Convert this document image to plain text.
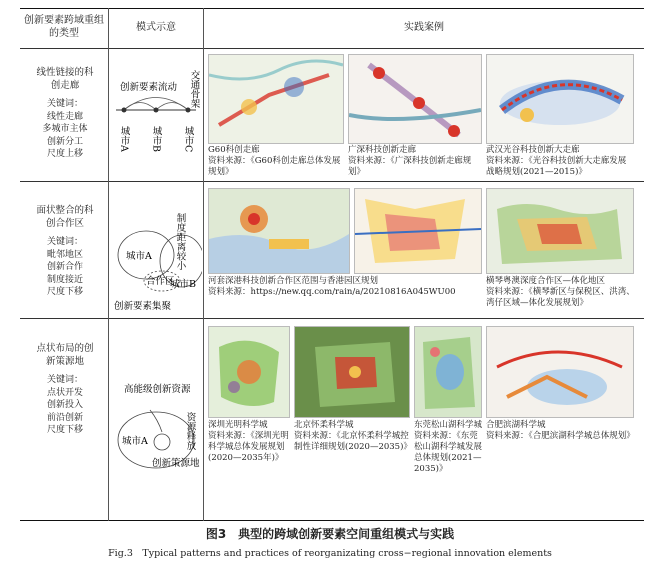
创新要素跨域重组的类型
模式示意	实践案例
线性链接的科创走廊
关键词：
线性走廊
多城市主体
创新分工
尺度上移
创新要素流动 交通骨架
城市A 城市B 城市C G60科创走廊
资料来源：《G60科创走廊总体发展规划》
广深科技创新走廊
资料来源：《广深科技创新走廊规划》
武汉光谷科技创新大走廊
资料来源：《光谷科技创新大走廊发展战略规划(2021—2015)》
面状整合的科创合作区
关键词：
毗邻地区
创新合作
制度接近
尺度下移
城市A
城市B
合作区
制度距离较小
创新要素集聚
河套深港科技创新合作区范围与香港园区规划
资料来源：https://new.qq.com/rain/a/20210816A045WU00
横琴粤澳深度合作区—体化地区
资料来源：《横琴新区与保税区、洪湾、湾仔区域—体化发展规划》
点状布局的创新策源地
关键词：
点状开发
创新投入
前沿创新
尺度下移
高能级创新资源
资源释放
城市A
创新策源地
深圳光明科学城
资料来源：《深圳光明科学城总体发展规划(2020—2035年)》
北京怀柔科学城
资料来源：《北京怀柔科学城控制性详细规划(2020—2035)》
东莞松山湖科学城
资料来源：《东莞松山湖科学城发展总体规划(2021—2035)》
合肥滨湖科学城
资料来源：《合肥滨湖科学城总体规划》
图3　典型的跨域创新要素空间重组模式与实践
Fig.3　Typical patterns and practices of reorganizating cross−regional innovation elements
